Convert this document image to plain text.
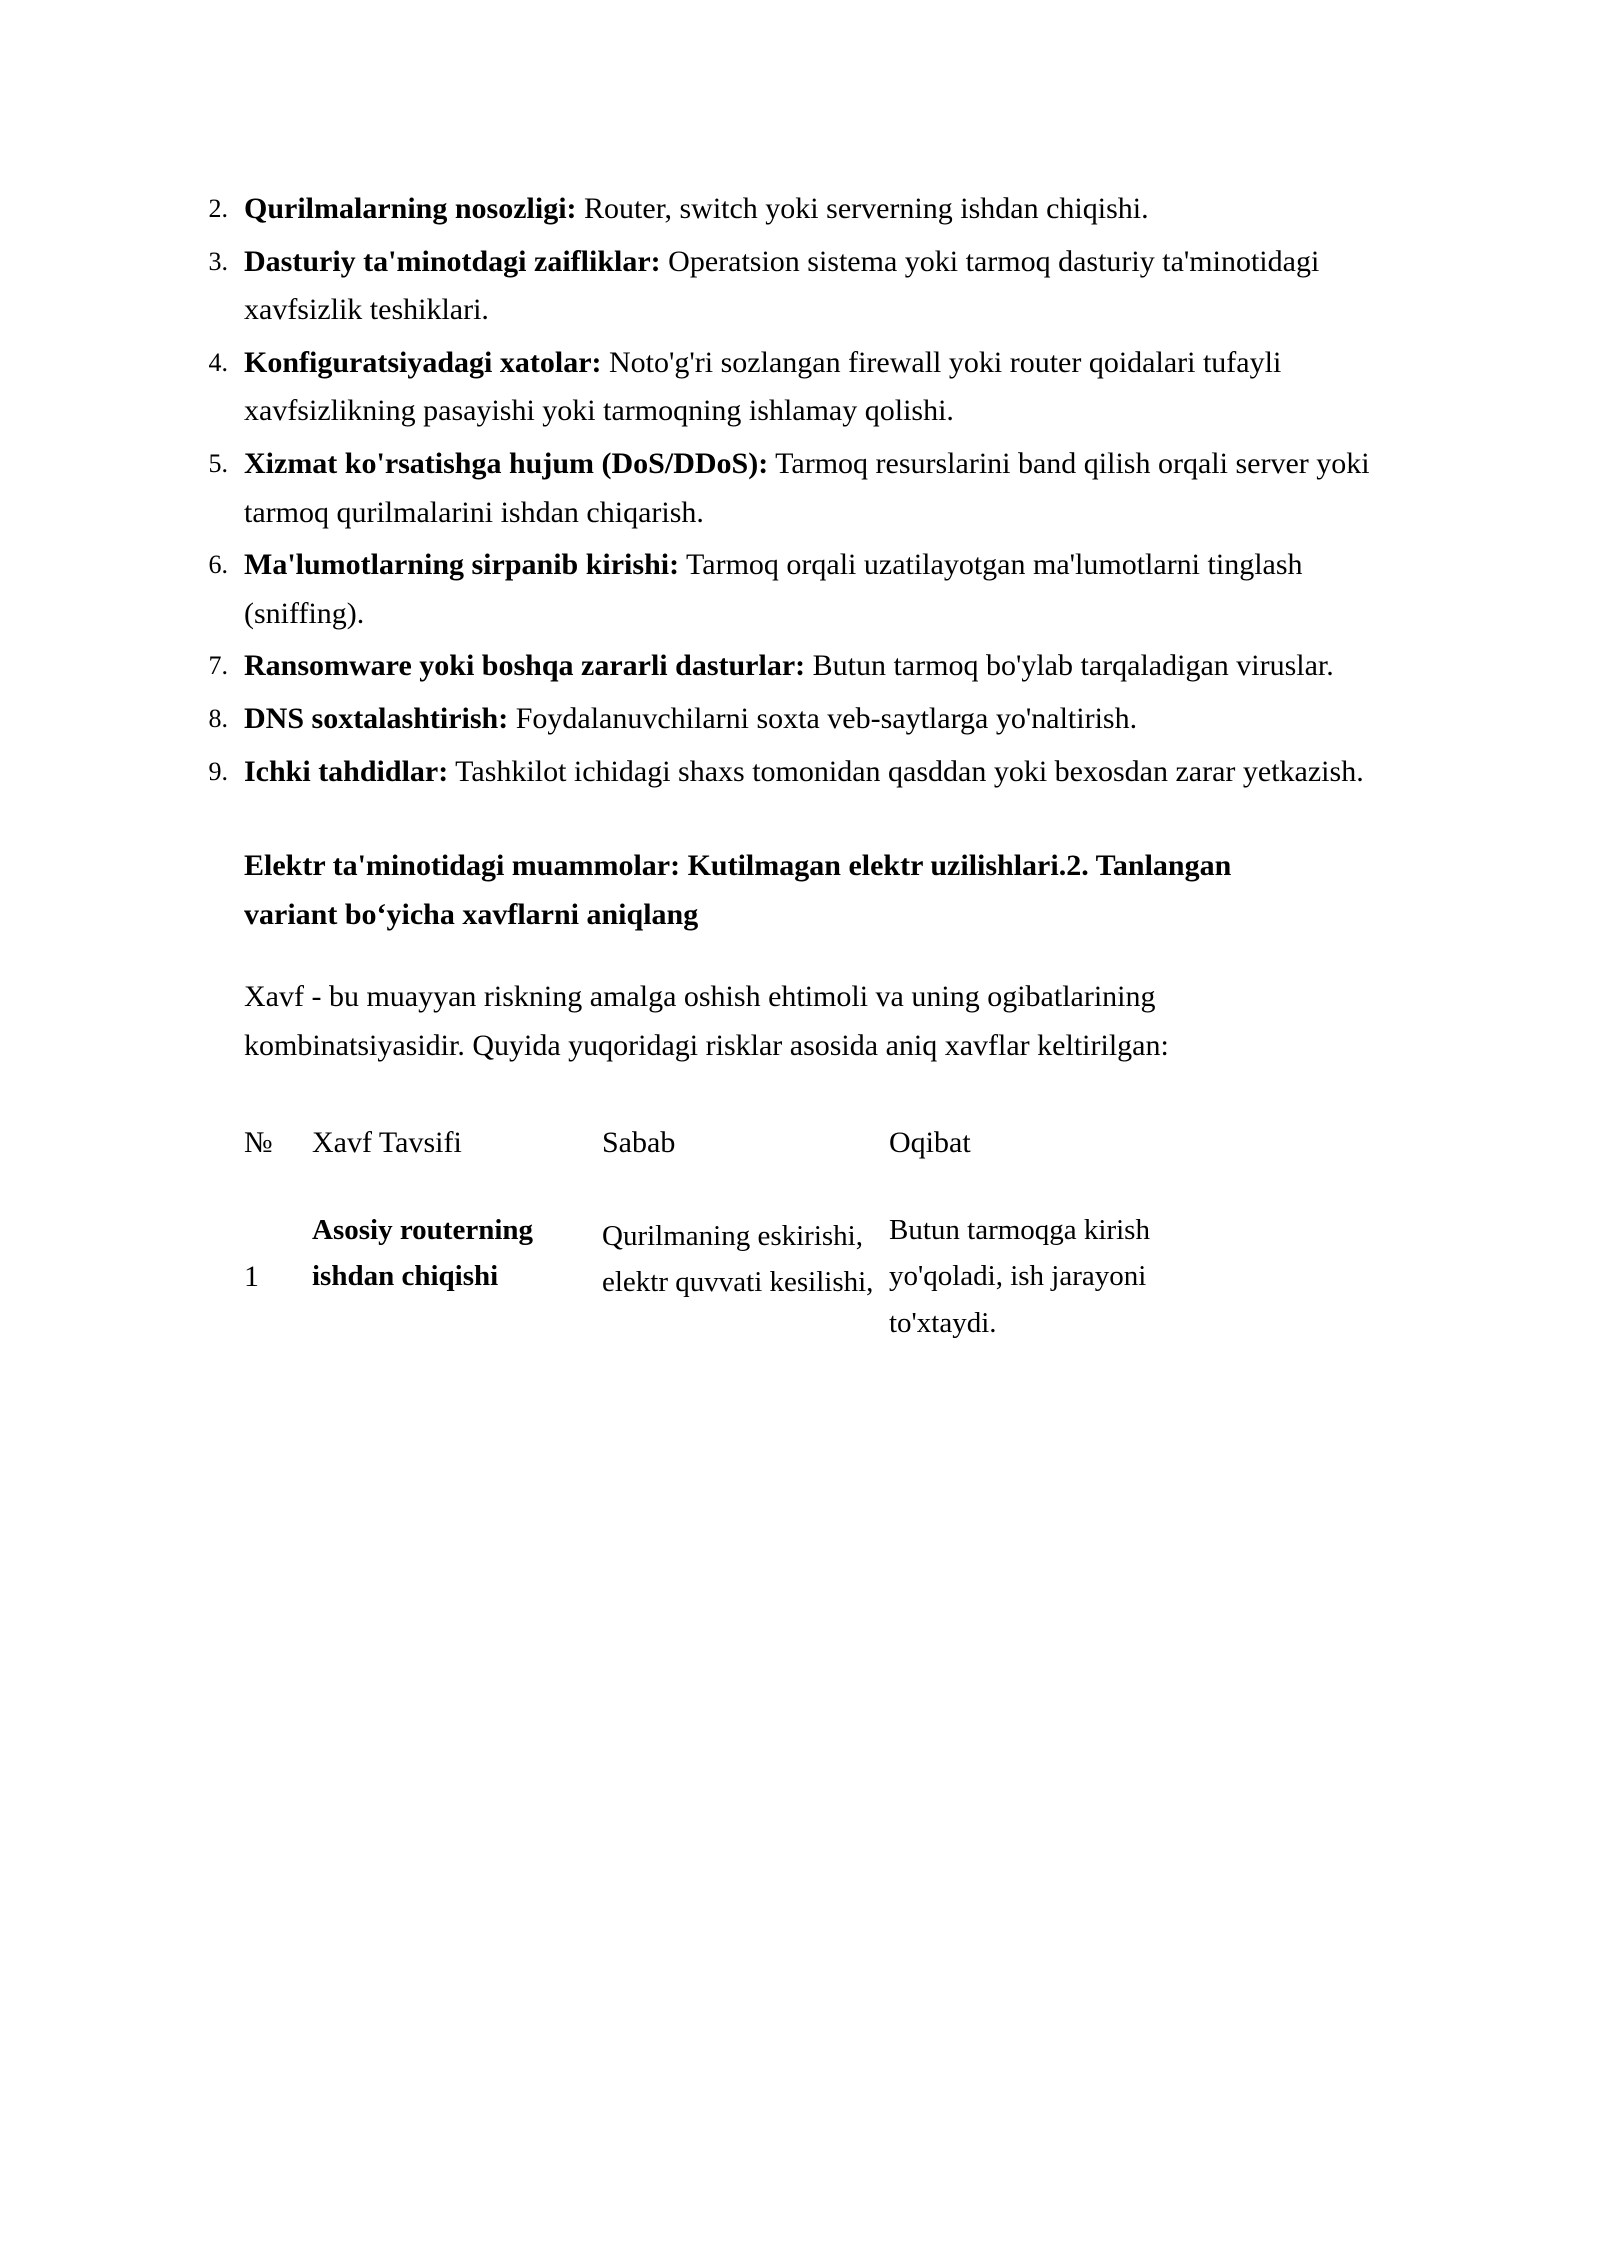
2. Qurilmalarning nosozligi: Router, switch yoki serverning ishdan chiqishi.
3. Dasturiy ta'minotdagi zaifliklar: Operatsion sistema yoki tarmoq dasturiy ta'minotidagi xavfsizlik teshiklari.
4. Konfiguratsiyadagi xatolar: Noto'g'ri sozlangan firewall yoki router qoidalari tufayli xavfsizlikning pasayishi yoki tarmoqning ishlamay qolishi.
5. Xizmat ko'rsatishga hujum (DoS/DDoS): Tarmoq resurslarini band qilish orqali server yoki tarmoq qurilmalarini ishdan chiqarish.
6. Ma'lumotlarning sirpanib kirishi: Tarmoq orqali uzatilayotgan ma'lumotlarni tinglash (sniffing).
7. Ransomware yoki boshqa zararli dasturlar: Butun tarmoq bo'ylab tarqaladigan viruslar.
8. DNS soxtalashtirish: Foydalanuvchilarni soxta veb-saytlarga yo'naltirish.
9. Ichki tahdidlar: Tashkilot ichidagi shaxs tomonidan qasddan yoki bexosdan zarar yetkazish.

Elektr ta'minotidagi muammolar: Kutilmagan elektr uzilishlari.2. Tanlangan variant bo‘yicha xavflarni aniqlang

Xavf - bu muayyan riskning amalga oshish ehtimoli va uning ogibatlarining kombinatsiyasidir. Quyida yuqoridagi risklar asosida aniq xavflar keltirilgan:

№	Xavf Tavsifi	Sabab	Oqibat
1	Asosiy routerning ishdan chiqishi	Qurilmaning eskirishi, elektr quvvati kesilishi,	Butun tarmoqga kirish yo'qoladi, ish jarayoni to'xtaydi.
